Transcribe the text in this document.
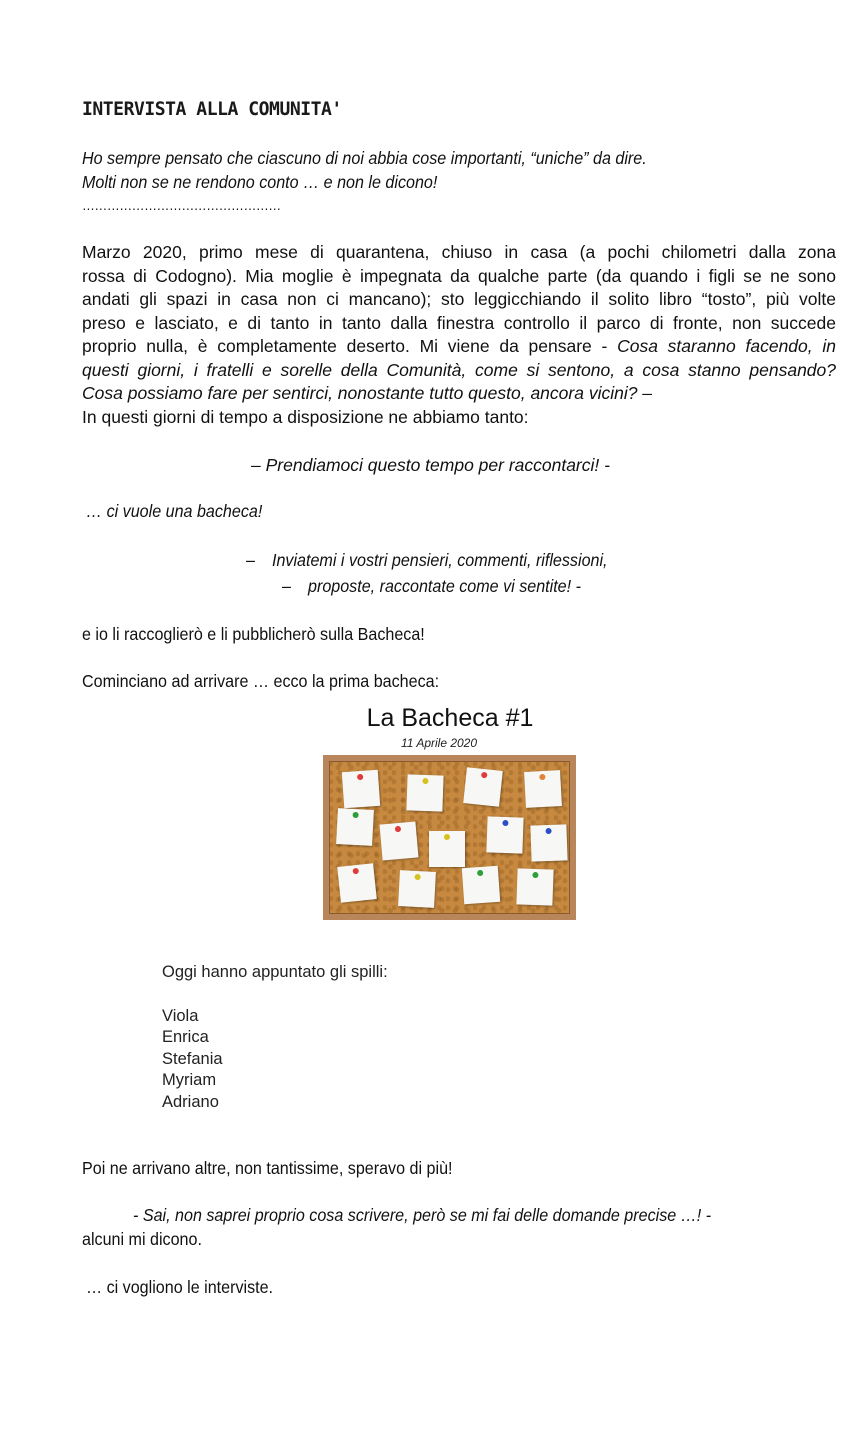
INTERVISTA ALLA COMUNITA'
Ho sempre pensato che ciascuno di noi abbia cose importanti, “uniche” da dire.
Molti non se ne rendono conto … e non le dicono!
…………………………………………
Marzo 2020, primo mese di quarantena, chiuso in casa (a pochi chilometri dalla zona
rossa di Codogno). Mia moglie è impegnata da qualche parte (da quando i figli se ne sono
andati gli spazi in casa non ci mancano); sto leggicchiando il solito libro “tosto”, più volte
preso e lasciato, e di tanto in tanto dalla finestra controllo il parco di fronte, non succede
proprio nulla, è completamente deserto. Mi viene da pensare - Cosa staranno facendo, in
questi giorni, i fratelli e sorelle della Comunità, come si sentono, a cosa stanno pensando?
Cosa possiamo fare per sentirci, nonostante tutto questo, ancora vicini? –
In questi giorni di tempo a disposizione ne abbiamo tanto:
– Prendiamoci questo tempo per raccontarci! -
… ci vuole una bacheca!
– Inviatemi i vostri pensieri, commenti, riflessioni,
– proposte, raccontate come vi sentite! -
e io li raccoglierò e li pubblicherò sulla Bacheca!
Cominciano ad arrivare … ecco la prima bacheca:
La Bacheca #1
11 Aprile 2020
Oggi hanno appuntato gli spilli:
Viola
Enrica
Stefania
Myriam
Adriano
Poi ne arrivano altre, non tantissime, speravo di più!
- Sai, non saprei proprio cosa scrivere, però se mi fai delle domande precise …! -
alcuni mi dicono.
… ci vogliono le interviste.
